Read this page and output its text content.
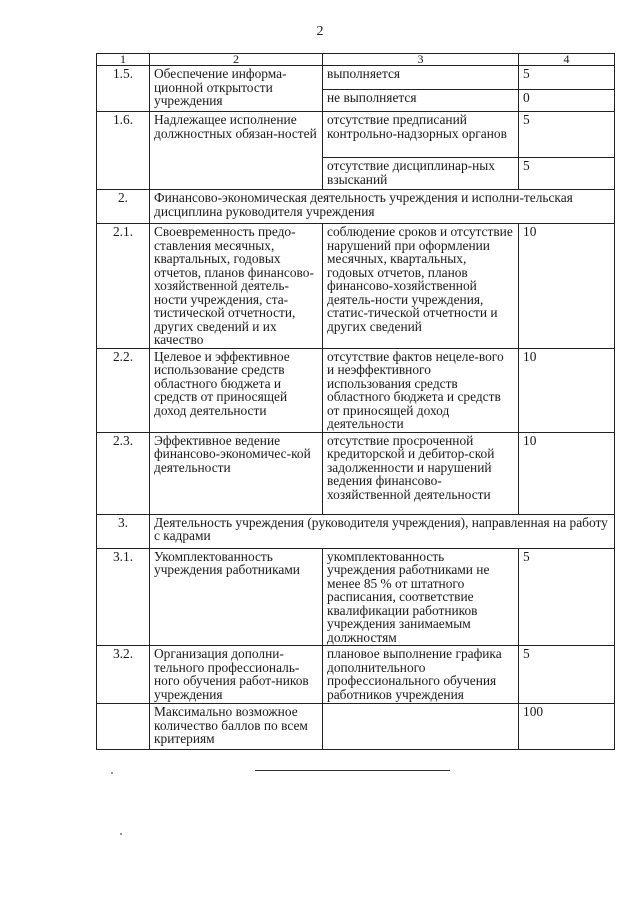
2
1	2	3	4
1.5.	Обеспечение информа-ционной открытости учреждения	выполняется	5
		не выполняется	0
1.6.	Надлежащее исполнение должностных обязан-ностей	отсутствие предписаний контрольно-надзорных органов	5
		отсутствие дисциплинар-ных взысканий	5
2.	Финансово-экономическая деятельность учреждения и исполни-тельская дисциплина руководителя учреждения		
2.1.	Своевременность предо-ставления месячных, квартальных, годовых отчетов, планов финансово-хозяйственной деятель-ности учреждения, ста-тистической отчетности, других сведений и их качество	соблюдение сроков и отсутствие нарушений при оформлении месячных, квартальных, годовых отчетов, планов финансово-хозяйственной деятель-ности учреждения, статис-тической отчетности и других сведений	10
2.2.	Целевое и эффективное использование средств областного бюджета и средств от приносящей доход деятельности	отсутствие фактов нецеле-вого и неэффективного использования средств областного бюджета и средств от приносящей доход деятельности	10
2.3.	Эффективное ведение финансово-экономичес-кой деятельности	отсутствие просроченной кредиторской и дебитор-ской задолженности и нарушений ведения финансово-хозяйственной деятельности	10
3.	Деятельность учреждения (руководителя учреждения), направленная на работу с кадрами		
3.1.	Укомплектованность учреждения работниками	укомплектованность учреждения работниками не менее 85 % от штатного расписания, соответствие квалификации работников учреждения занимаемым должностям	5
3.2.	Организация дополни-тельного профессиональ-ного обучения работ-ников учреждения	плановое выполнение графика дополнительного профессионального обучения работников учреждения	5
	Максимально возможное количество баллов по всем критериям		100
